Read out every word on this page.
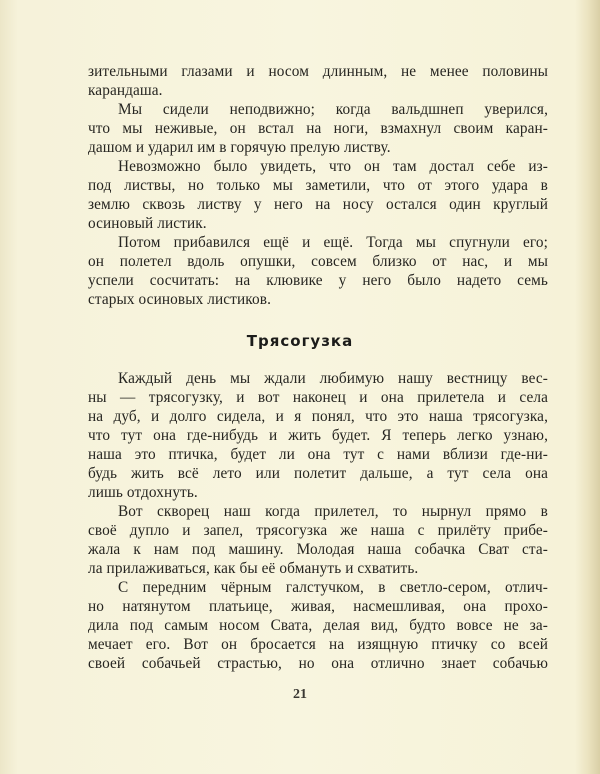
зительными глазами и носом длинным, не менее половины
карандаша.
Мы сидели неподвижно; когда вальдшнеп уверился,
что мы неживые, он встал на ноги, взмахнул своим каран-
дашом и ударил им в горячую прелую листву.
Невозможно было увидеть, что он там достал себе из-
под листвы, но только мы заметили, что от этого удара в
землю сквозь листву у него на носу остался один круглый
осиновый листик.
Потом прибавился ещё и ещё. Тогда мы спугнули его;
он полетел вдоль опушки, совсем близко от нас, и мы
успели сосчитать: на клювике у него было надето семь
старых осиновых листиков.
Трясогузка
Каждый день мы ждали любимую нашу вестницу вес-
ны — трясогузку, и вот наконец и она прилетела и села
на дуб, и долго сидела, и я понял, что это наша трясогузка,
что тут она где-нибудь и жить будет. Я теперь легко узнаю,
наша это птичка, будет ли она тут с нами вблизи где-ни-
будь жить всё лето или полетит дальше, а тут села она
лишь отдохнуть.
Вот скворец наш когда прилетел, то нырнул прямо в
своё дупло и запел, трясогузка же наша с прилёту прибе-
жала к нам под машину. Молодая наша собачка Сват ста-
ла прилаживаться, как бы её обмануть и схватить.
С передним чёрным галстучком, в светло-сером, отлич-
но натянутом платьице, живая, насмешливая, она прохо-
дила под самым носом Свата, делая вид, будто вовсе не за-
мечает его. Вот он бросается на изящную птичку со всей
своей собачьей страстью, но она отлично знает собачью
21
